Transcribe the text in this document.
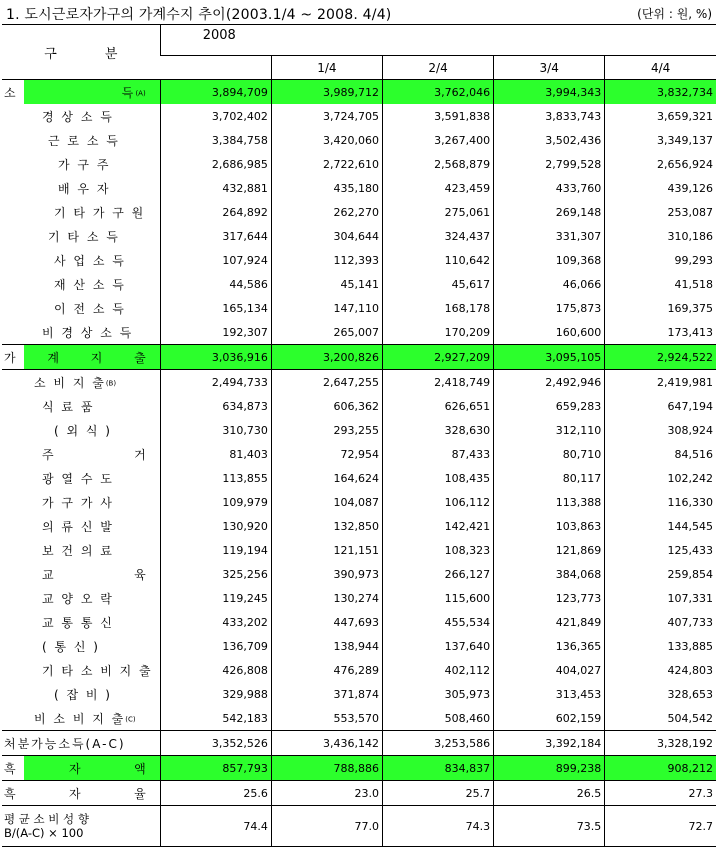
1. 도시근로자가구의 가계수지 추이(2003.1/4 ~ 2008. 4/4)	(단위 : 원, %)
구 분	2008				
		1/4	2/4	3/4	4/4

소 득 (A)	3,894,709	3,989,712	3,762,046	3,994,343	3,832,734

경 상 소 득	3,702,402	3,724,705	3,591,838	3,833,743	3,659,321

근 로 소 득	3,384,758	3,420,060	3,267,400	3,502,436	3,349,137

가 구 주	2,686,985	2,722,610	2,568,879	2,799,528	2,656,924

배 우 자	432,881	435,180	423,459	433,760	439,126

기 타 가 구 원	264,892	262,270	275,061	269,148	253,087

기 타 소 득	317,644	304,644	324,437	331,307	310,186

사 업 소 득	107,924	112,393	110,642	109,368	99,293

재 산 소 득	44,586	45,141	45,617	46,066	41,518

이 전 소 득	165,134	147,110	168,178	175,873	169,375

비 경 상 소 득	192,307	265,007	170,209	160,600	173,413

가 계 지 출	3,036,916	3,200,826	2,927,209	3,095,105	2,924,522

소 비 지 출(B)	2,494,733	2,647,255	2,418,749	2,492,946	2,419,981

식 료 품	634,873	606,362	626,651	659,283	647,194

( 외 식 )	310,730	293,255	328,630	312,110	308,924

주 거	81,403	72,954	87,433	80,710	84,516

광 열 수 도	113,855	164,624	108,435	80,117	102,242

가 구 가 사	109,979	104,087	106,112	113,388	116,330

의 류 신 발	130,920	132,850	142,421	103,863	144,545

보 건 의 료	119,194	121,151	108,323	121,869	125,433

교 육	325,256	390,973	266,127	384,068	259,854

교 양 오 락	119,245	130,274	115,600	123,773	107,331

교 통 통 신	433,202	447,693	455,534	421,849	407,733

( 통 신 )	136,709	138,944	137,640	136,365	133,885

기 타 소 비 지 출	426,808	476,289	402,112	404,027	424,803

( 잡 비 )	329,988	371,874	305,973	313,453	328,653

비 소 비 지 출(C)	542,183	553,570	508,460	602,159	504,542

처분가능소득(A-C)	3,352,526	3,436,142	3,253,586	3,392,184	3,328,192

흑 자 액	857,793	788,886	834,837	899,238	908,212

흑 자 율	25.6	23.0	25.7	26.5	27.3

평 균 소 비 성 향
B/(A-C) × 100	74.4	77.0	74.3	73.5	72.7
